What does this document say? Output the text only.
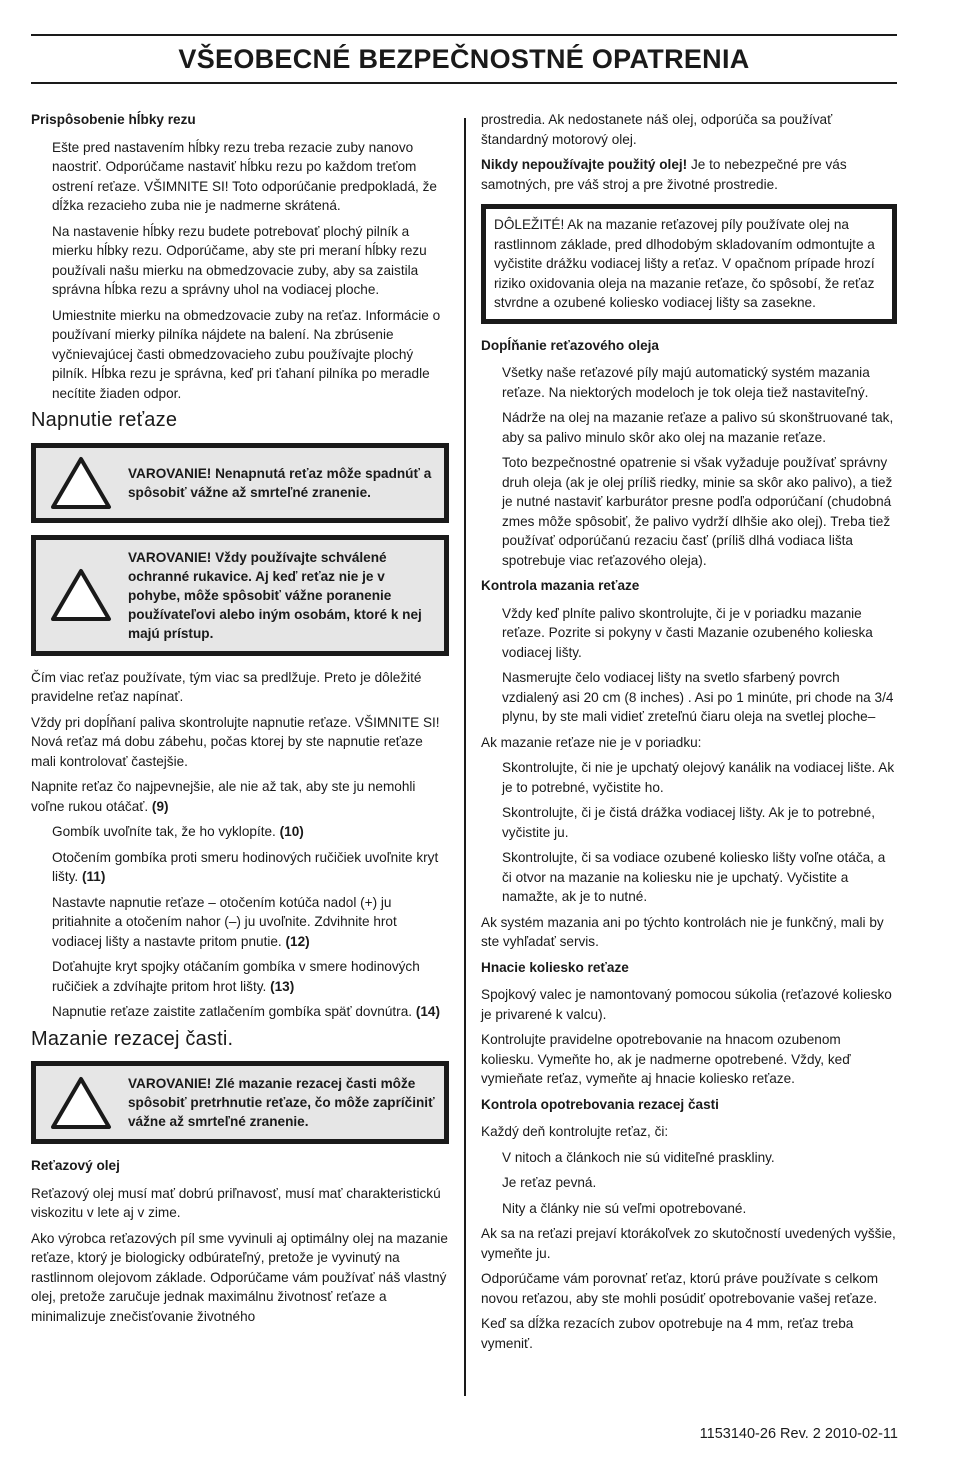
VŠEOBECNÉ BEZPEČNOSTNÉ OPATRENIA
Prispôsobenie hĺbky rezu

Ešte pred nastavením hĺbky rezu treba rezacie zuby nanovo naostriť. Odporúčame nastaviť hĺbku rezu po každom treťom ostrení reťaze. VŠIMNITE SI! Toto odporúčanie predpokladá, že dĺžka rezacieho zuba nie je nadmerne skrátená.

Na nastavenie hĺbky rezu budete potrebovať plochý pilník a mierku hĺbky rezu. Odporúčame, aby ste pri meraní hĺbky rezu používali našu mierku na obmedzovacie zuby, aby sa zaistila správna hĺbka rezu a správny uhol na vodiacej ploche.

Umiestnite mierku na obmedzovacie zuby na reťaz. Informácie o používaní mierky pilníka nájdete na balení. Na zbrúsenie vyčnievajúcej časti obmedzovacieho zubu používajte plochý pilník. Hĺbka rezu je správna, keď pri ťahaní pilníka po meradle necítite žiaden odpor.

Napnutie reťaze
VAROVANIE! Nenapnutá reťaz môže spadnúť a spôsobiť vážne až smrteľné zranenie.
VAROVANIE! Vždy používajte schválené ochranné rukavice. Aj keď reťaz nie je v pohybe, môže spôsobiť vážne poranenie používateľovi alebo iným osobám, ktoré k nej majú prístup.

Čím viac reťaz používate, tým viac sa predlžuje. Preto je dôležité pravidelne reťaz napínať.

Vždy pri dopĺňaní paliva skontrolujte napnutie reťaze. VŠIMNITE SI! Nová reťaz má dobu zábehu, počas ktorej by ste napnutie reťaze mali kontrolovať častejšie.

Napnite reťaz čo najpevnejšie, ale nie až tak, aby ste ju nemohli voľne rukou otáčať. (9)

Gombík uvoľníte tak, že ho vyklopíte. (10)

Otočením gombíka proti smeru hodinových ručičiek uvoľnite kryt lišty. (11)

Nastavte napnutie reťaze – otočením kotúča nadol (+) ju pritiahnite a otočením nahor (–) ju uvoľnite. Zdvihnite hrot vodiacej lišty a nastavte pritom pnutie. (12)

Doťahujte kryt spojky otáčaním gombíka v smere hodinových ručičiek a zdvíhajte pritom hrot lišty. (13)

Napnutie reťaze zaistite zatlačením gombíka späť dovnútra. (14)

Mazanie rezacej časti.
VAROVANIE! Zlé mazanie rezacej časti môže spôsobiť pretrhnutie reťaze, čo môže zapríčiniť vážne až smrteľné zranenie.
Reťazový olej

Reťazový olej musí mať dobrú priľnavosť, musí mať charakteristickú viskozitu v lete aj v zime.

Ako výrobca reťazových píl sme vyvinuli aj optimálny olej na mazanie reťaze, ktorý je biologicky odbúrateľný, pretože je vyvinutý na rastlinnom olejovom základe. Odporúčame vám používať náš vlastný olej, pretože zaručuje jednak maximálnu životnosť reťaze a minimalizuje znečisťovanie životného

prostredia. Ak nedostanete náš olej, odporúča sa používať štandardný motorový olej.

Nikdy nepoužívajte použitý olej! Je to nebezpečné pre vás samotných, pre váš stroj a pre životné prostredie.

DÔLEŽITÉ! Ak na mazanie reťazovej píly používate olej na rastlinnom základe, pred dlhodobým skladovaním odmontujte a vyčistite drážku vodiacej lišty a reťaz. V opačnom prípade hrozí riziko oxidovania oleja na mazanie reťaze, čo spôsobí, že reťaz stvrdne a ozubené koliesko vodiacej lišty sa zasekne.
Dopĺňanie reťazového oleja

Všetky naše reťazové píly majú automatický systém mazania reťaze. Na niektorých modeloch je tok oleja tiež nastaviteľný.

Nádrže na olej na mazanie reťaze a palivo sú skonštruované tak, aby sa palivo minulo skôr ako olej na mazanie reťaze.

Toto bezpečnostné opatrenie si však vyžaduje používať správny druh oleja (ak je olej príliš riedky, minie sa skôr ako palivo), a tiež je nutné nastaviť karburátor presne podľa odporúčaní (chudobná zmes môže spôsobiť, že palivo vydrží dlhšie ako olej). Treba tiež používať odporúčanú rezaciu časť (príliš dlhá vodiaca lišta spotrebuje viac reťazového oleja).

Kontrola mazania reťaze

Vždy keď plníte palivo skontrolujte, či je v poriadku mazanie reťaze. Pozrite si pokyny v časti Mazanie ozubeného kolieska vodiacej lišty.

Nasmerujte čelo vodiacej lišty na svetlo sfarbený povrch vzdialený asi 20 cm (8 inches) . Asi po 1 minúte, pri chode na 3/4 plynu, by ste mali vidieť zreteľnú čiaru oleja na svetlej ploche–

Ak mazanie reťaze nie je v poriadku:

Skontrolujte, či nie je upchatý olejový kanálik na vodiacej lište. Ak je to potrebné, vyčistite ho.

Skontrolujte, či je čistá drážka vodiacej lišty. Ak je to potrebné, vyčistite ju.

Skontrolujte, či sa vodiace ozubené koliesko lišty voľne otáča, a či otvor na mazanie na koliesku nie je upchatý. Vyčistite a namažte, ak je to nutné.

Ak systém mazania ani po týchto kontrolách nie je funkčný, mali by ste vyhľadať servis.

Hnacie koliesko reťaze

Spojkový valec je namontovaný pomocou súkolia (reťazové koliesko je privarené k valcu).

Kontrolujte pravidelne opotrebovanie na hnacom ozubenom koliesku. Vymeňte ho, ak je nadmerne opotrebené. Vždy, keď vymieňate reťaz, vymeňte aj hnacie koliesko reťaze.

Kontrola opotrebovania rezacej časti

Každý deň kontrolujte reťaz, či:

V nitoch a článkoch nie sú viditeľné praskliny.

Je reťaz pevná.

Nity a články nie sú veľmi opotrebované.

Ak sa na reťazi prejaví ktorákoľvek zo skutočností uvedených vyššie, vymeňte ju.

Odporúčame vám porovnať reťaz, ktorú práve používate s celkom novou reťazou, aby ste mohli posúdiť opotrebovanie vašej reťaze.

Keď sa dĺžka rezacích zubov opotrebuje na 4 mm, reťaz treba vymeniť.

1153140-26 Rev. 2 2010-02-11
